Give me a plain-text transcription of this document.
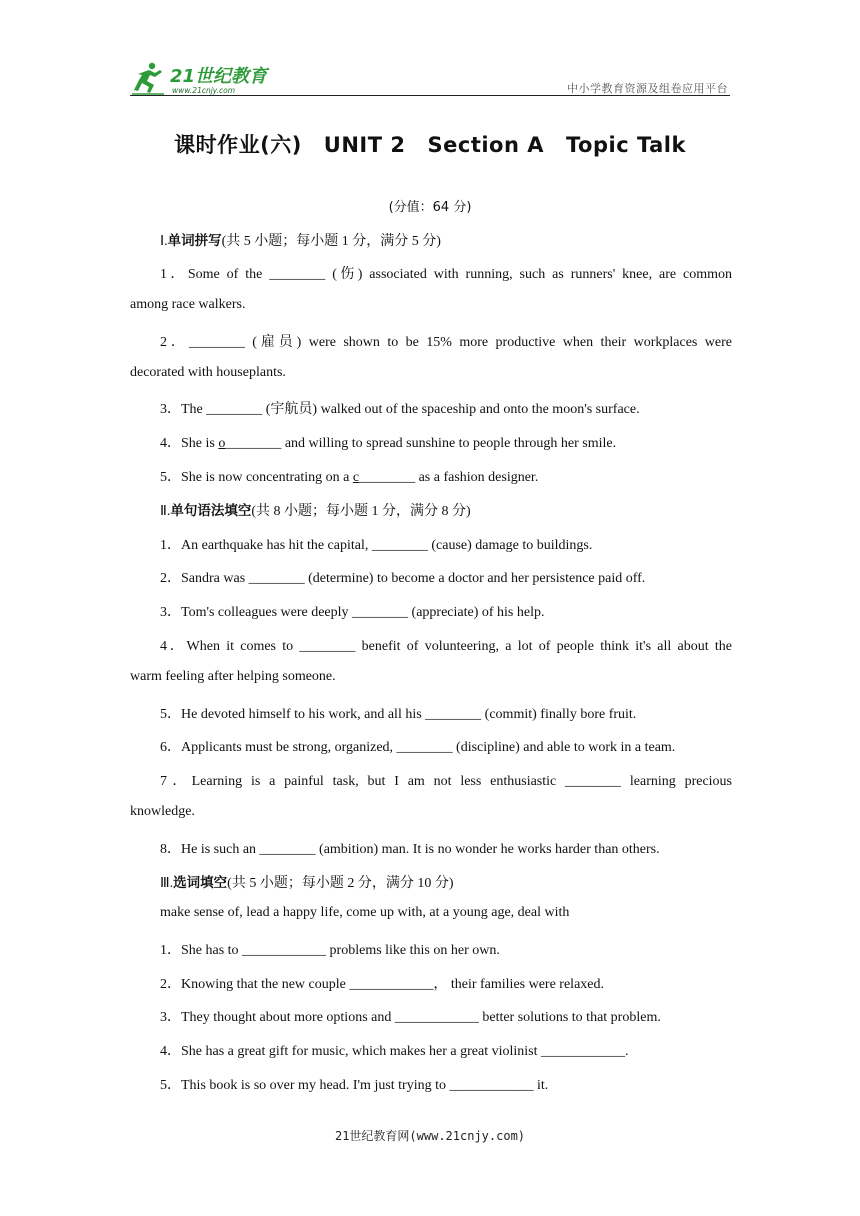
21世纪教育
www.21cnjy.com	中小学教育资源及组卷应用平台
课时作业(六) UNIT 2 Section A Topic Talk
(分值：64 分)
Ⅰ.单词拼写(共 5 小题；每小题 1 分，满分 5 分)
1．Some of the ________ (伤) associated with running, such as runners' knee, are common
among race walkers.
2．________ (雇员) were shown to be 15% more productive when their workplaces were
decorated with houseplants.
3．The ________ (宇航员) walked out of the spaceship and onto the moon's surface.
4．She is o________ and willing to spread sunshine to people through her smile.
5．She is now concentrating on a c________ as a fashion designer.
Ⅱ.单句语法填空(共 8 小题；每小题 1 分，满分 8 分)
1．An earthquake has hit the capital, ________ (cause) damage to buildings.
2．Sandra was ________ (determine) to become a doctor and her persistence paid off.
3．Tom's colleagues were deeply ________ (appreciate) of his help.
4．When it comes to ________ benefit of volunteering, a lot of people think it's all about the
warm feeling after helping someone.
5．He devoted himself to his work, and all his ________ (commit) finally bore fruit.
6．Applicants must be strong, organized, ________ (discipline) and able to work in a team.
7．Learning is a painful task, but I am not less enthusiastic ________ learning precious
knowledge.
8．He is such an ________ (ambition) man. It is no wonder he works harder than others.
Ⅲ.选词填空(共 5 小题；每小题 2 分，满分 10 分)
make sense of, lead a happy life, come up with, at a young age, deal with
1．She has to ____________ problems like this on her own.
2．Knowing that the new couple ____________， their families were relaxed.
3．They thought about more options and ____________ better solutions to that problem.
4．She has a great gift for music, which makes her a great violinist ____________.
5．This book is so over my head. I'm just trying to ____________ it.
21世纪教育网(www.21cnjy.com)
